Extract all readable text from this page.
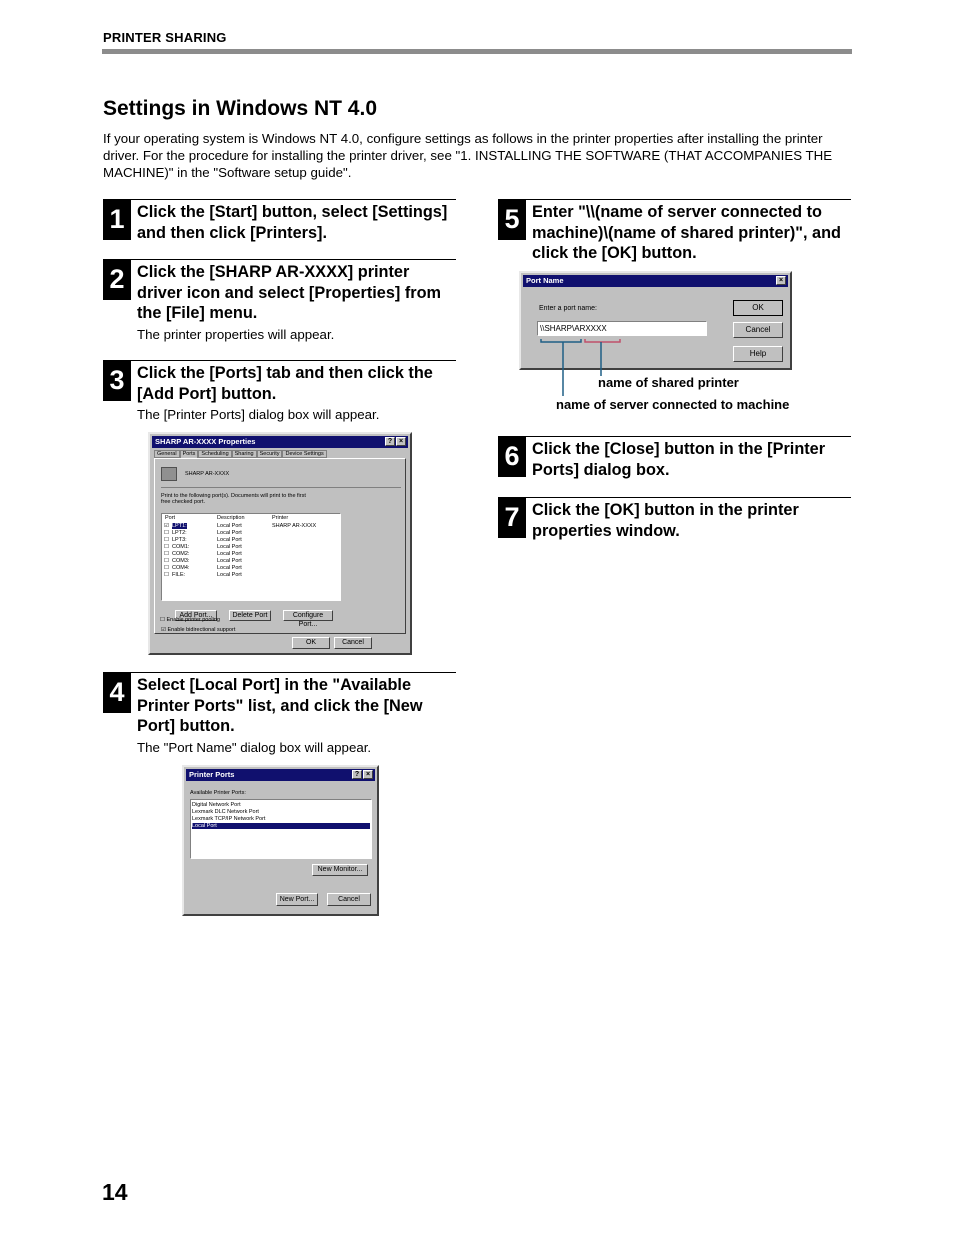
PRINTER SHARING
Settings in Windows NT 4.0
If your operating system is Windows NT 4.0, configure settings as follows in the printer properties after installing the printer driver. For the procedure for installing the printer driver, see "1. INSTALLING THE SOFTWARE (THAT ACCOMPANIES THE MACHINE)" in the "Software setup guide".
1 Click the [Start] button, select [Settings] and then click [Printers].
2 Click the [SHARP AR-XXXX] printer driver icon and select [Properties] from the [File] menu.
The printer properties will appear.
3 Click the [Ports] tab and then click the [Add Port] button.
The [Printer Ports] dialog box will appear.
SHARP AR-XXXX Properties	? ×
General	Ports	Scheduling	Sharing	Security	Device Settings
SHARP AR-XXXX
Print to the following port(s). Documents will print to the first free checked port.
Port	Description	Printer
☑ LPT1:	Local Port	SHARP AR-XXXX
☐ LPT2:	Local Port
☐ LPT3:	Local Port
☐ COM1:	Local Port
☐ COM2:	Local Port
☐ COM3:	Local Port
☐ COM4:	Local Port
☐ FILE:	Local Port
Add Port...	Delete Port	Configure Port...
☑ Enable bidirectional support
☐ Enable printer pooling
OK	Cancel
4 Select [Local Port] in the "Available Printer Ports" list, and click the [New Port] button.
The "Port Name" dialog box will appear.
Printer Ports	? ×
Available Printer Ports:
Digital Network Port
Lexmark DLC Network Port
Lexmark TCP/IP Network Port
Local Port
New Monitor...
New Port...	Cancel
5 Enter "\\(name of server connected to machine)\(name of shared printer)", and click the [OK] button.
Port Name	×
Enter a port name:
\\SHARP\ARXXXX
OK
Cancel
Help
name of shared printer
name of server connected to machine
6 Click the [Close] button in the [Printer Ports] dialog box.
7 Click the [OK] button in the printer properties window.
14
